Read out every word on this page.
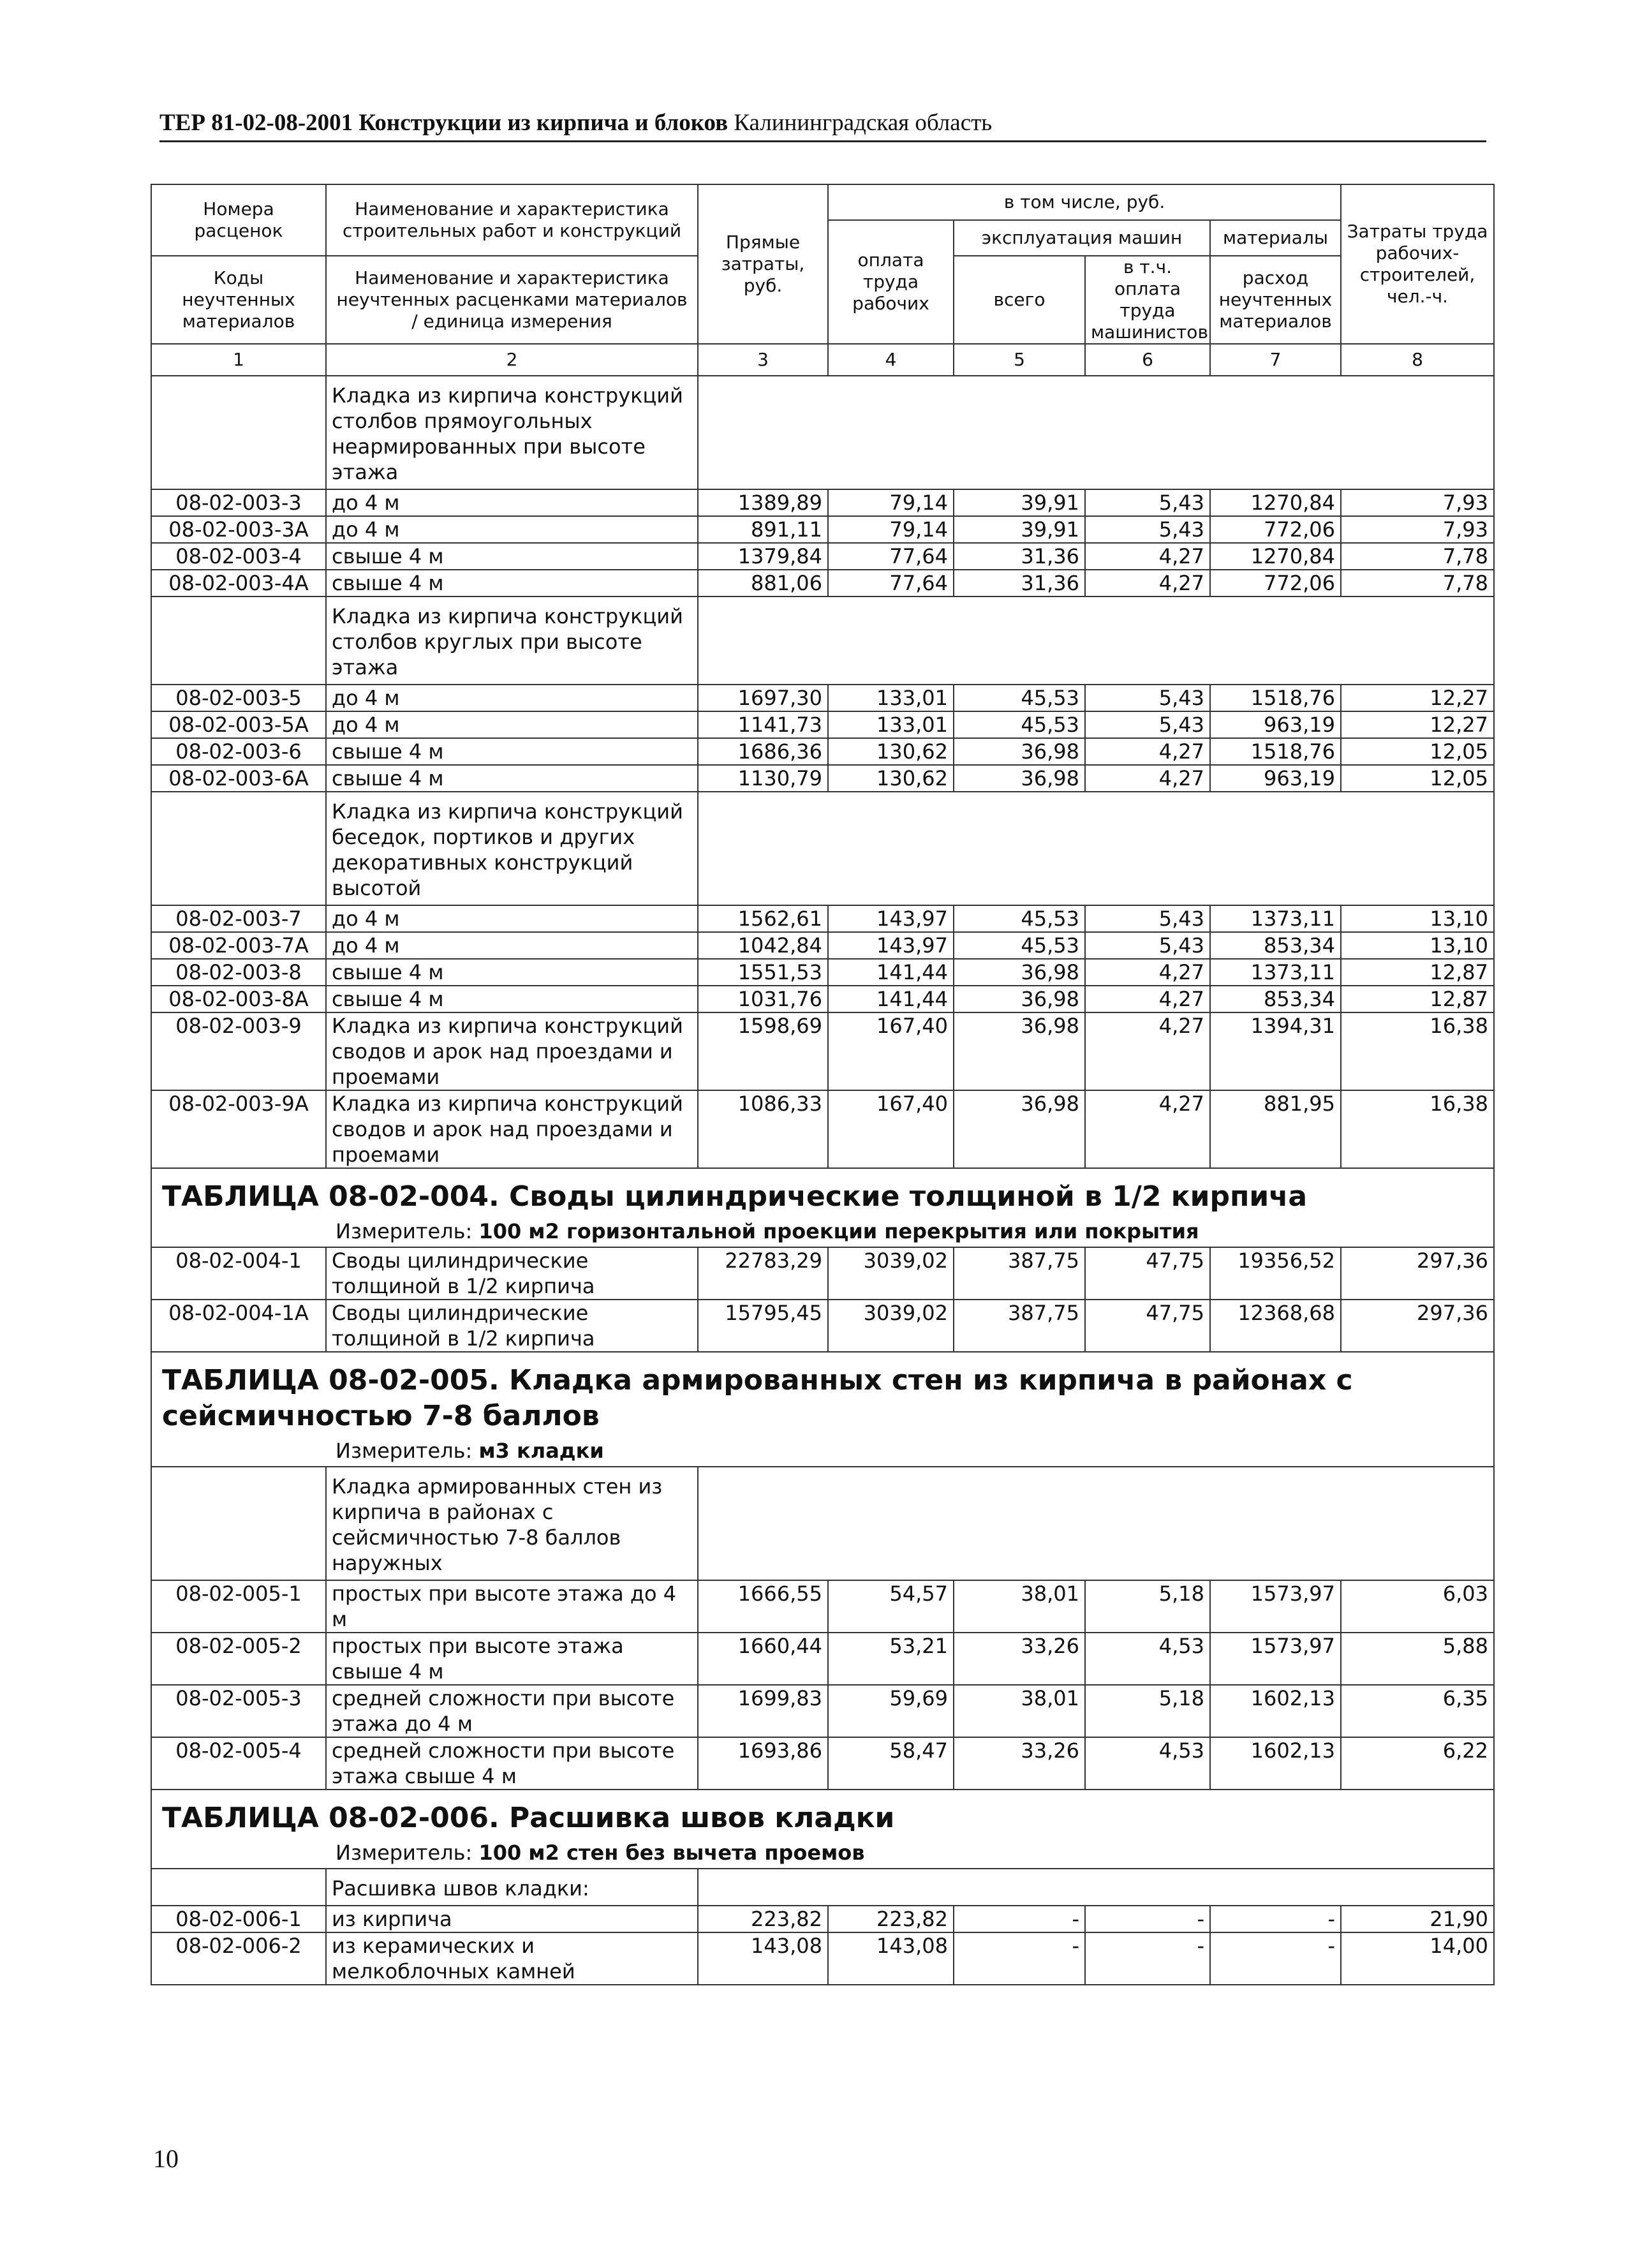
ТЕР 81-02-08-2001 Конструкции из кирпича и блоков Калининградская область
Номера расценок	Наименование и характеристика строительных работ и конструкций	Прямые затраты, руб.	в том числе, руб.				Затраты труда рабочих-строителей, чел.-ч.
			оплата труда рабочих	эксплуатация машин		материалы	
Коды неучтенных материалов	Наименование и характеристика неучтенных расценками материалов / единица измерения			всего	в т.ч. оплата труда машинистов	расход неучтенных материалов	

1	2	3	4	5	6	7	8
	Кладка из кирпича конструкций столбов прямоугольных неармированных при высоте этажа						
08-02-003-3	до 4 м	1389,89	79,14	39,91	5,43	1270,84	7,93
08-02-003-3А	до 4 м	891,11	79,14	39,91	5,43	772,06	7,93
08-02-003-4	свыше 4 м	1379,84	77,64	31,36	4,27	1270,84	7,78
08-02-003-4А	свыше 4 м	881,06	77,64	31,36	4,27	772,06	7,78
	Кладка из кирпича конструкций столбов круглых при высоте этажа						
08-02-003-5	до 4 м	1697,30	133,01	45,53	5,43	1518,76	12,27
08-02-003-5А	до 4 м	1141,73	133,01	45,53	5,43	963,19	12,27
08-02-003-6	свыше 4 м	1686,36	130,62	36,98	4,27	1518,76	12,05
08-02-003-6А	свыше 4 м	1130,79	130,62	36,98	4,27	963,19	12,05
	Кладка из кирпича конструкций беседок, портиков и других декоративных конструкций высотой						
08-02-003-7	до 4 м	1562,61	143,97	45,53	5,43	1373,11	13,10
08-02-003-7А	до 4 м	1042,84	143,97	45,53	5,43	853,34	13,10
08-02-003-8	свыше 4 м	1551,53	141,44	36,98	4,27	1373,11	12,87
08-02-003-8А	свыше 4 м	1031,76	141,44	36,98	4,27	853,34	12,87
08-02-003-9	Кладка из кирпича конструкций сводов и арок над проездами и проемами	1598,69	167,40	36,98	4,27	1394,31	16,38
08-02-003-9А	Кладка из кирпича конструкций сводов и арок над проездами и проемами	1086,33	167,40	36,98	4,27	881,95	16,38

ТАБЛИЦА 08-02-004. Своды цилиндрические толщиной в 1/2 кирпича
Измеритель: 100 м2 горизонтальной проекции перекрытия или покрытия							

08-02-004-1	Своды цилиндрические толщиной в 1/2 кирпича	22783,29	3039,02	387,75	47,75	19356,52	297,36
08-02-004-1А	Своды цилиндрические толщиной в 1/2 кирпича	15795,45	3039,02	387,75	47,75	12368,68	297,36

ТАБЛИЦА 08-02-005. Кладка армированных стен из кирпича в районах с сейсмичностью 7-8 баллов
Измеритель: м3 кладки							

	Кладка армированных стен из кирпича в районах с сейсмичностью 7-8 баллов наружных						
08-02-005-1	простых при высоте этажа до 4 м	1666,55	54,57	38,01	5,18	1573,97	6,03
08-02-005-2	простых при высоте этажа свыше 4 м	1660,44	53,21	33,26	4,53	1573,97	5,88
08-02-005-3	средней сложности при высоте этажа до 4 м	1699,83	59,69	38,01	5,18	1602,13	6,35
08-02-005-4	средней сложности при высоте этажа свыше 4 м	1693,86	58,47	33,26	4,53	1602,13	6,22

ТАБЛИЦА 08-02-006. Расшивка швов кладки
Измеритель: 100 м2 стен без вычета проемов							

	Расшивка швов кладки:						
08-02-006-1	из кирпича	223,82	223,82	-	-	-	21,90
08-02-006-2	из керамических и мелкоблочных камней	143,08	143,08	-	-	-	14,00
10
